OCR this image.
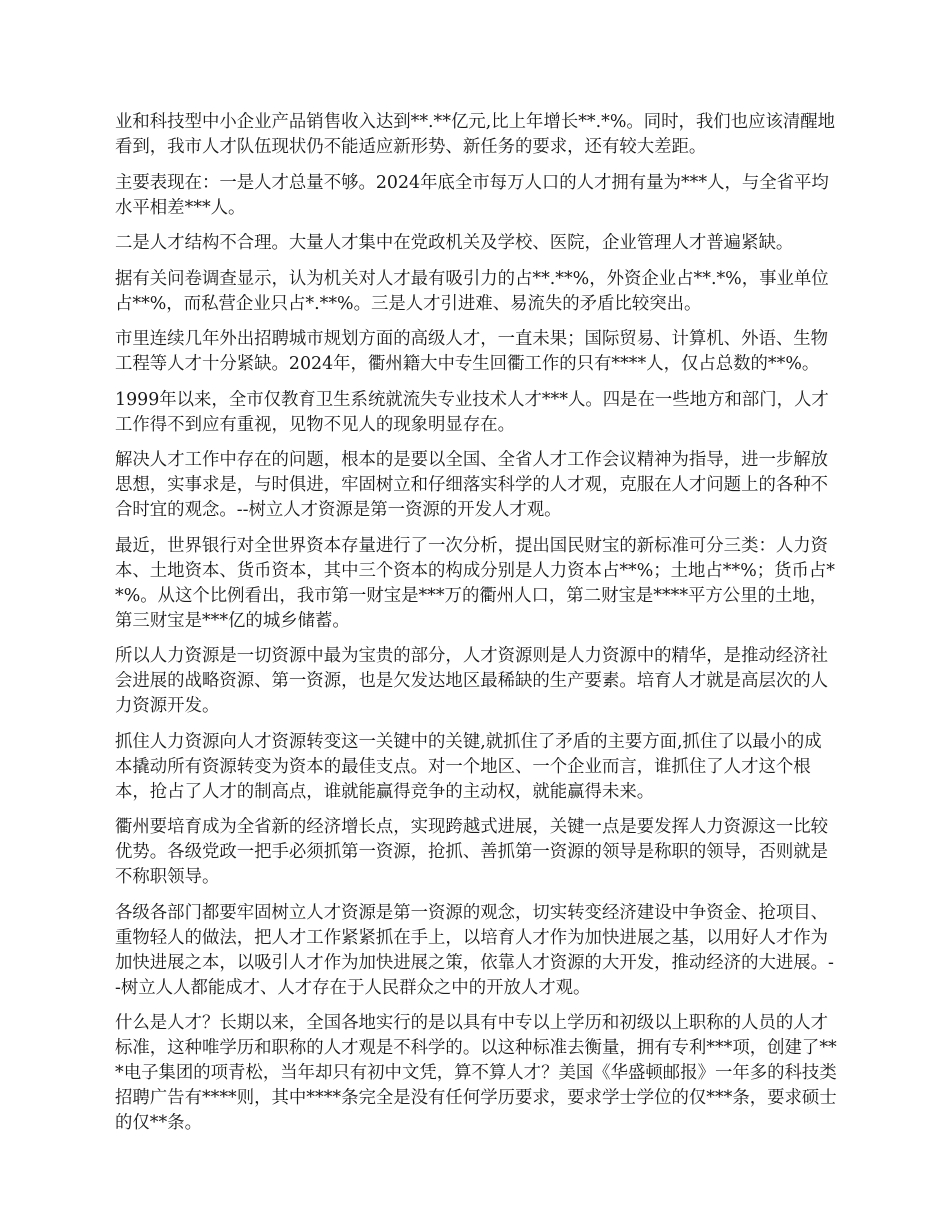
业和科技型中小企业产品销售收入达到**.**亿元,比上年增长**.*%。同时，我们也应该清醒地看到，我市人才队伍现状仍不能适应新形势、新任务的要求，还有较大差距。

主要表现在：一是人才总量不够。2024年底全市每万人口的人才拥有量为***人，与全省平均水平相差***人。

二是人才结构不合理。大量人才集中在党政机关及学校、医院，企业管理人才普遍紧缺。

据有关问卷调查显示，认为机关对人才最有吸引力的占**.**%，外资企业占**.*%，事业单位占**%，而私营企业只占*.**%。三是人才引进难、易流失的矛盾比较突出。

市里连续几年外出招聘城市规划方面的高级人才，一直未果；国际贸易、计算机、外语、生物工程等人才十分紧缺。2024年，衢州籍大中专生回衢工作的只有****人，仅占总数的**%。

1999年以来，全市仅教育卫生系统就流失专业技术人才***人。四是在一些地方和部门，人才工作得不到应有重视，见物不见人的现象明显存在。

解决人才工作中存在的问题，根本的是要以全国、全省人才工作会议精神为指导，进一步解放思想，实事求是，与时俱进，牢固树立和仔细落实科学的人才观，克服在人才问题上的各种不合时宜的观念。--树立人才资源是第一资源的开发人才观。

最近，世界银行对全世界资本存量进行了一次分析，提出国民财宝的新标准可分三类：人力资本、土地资本、货币资本，其中三个资本的构成分别是人力资本占**%；土地占**%；货币占**%。从这个比例看出，我市第一财宝是***万的衢州人口，第二财宝是****平方公里的土地，第三财宝是***亿的城乡储蓄。

所以人力资源是一切资源中最为宝贵的部分，人才资源则是人力资源中的精华，是推动经济社会进展的战略资源、第一资源，也是欠发达地区最稀缺的生产要素。培育人才就是高层次的人力资源开发。

抓住人力资源向人才资源转变这一关键中的关键,就抓住了矛盾的主要方面,抓住了以最小的成本撬动所有资源转变为资本的最佳支点。对一个地区、一个企业而言，谁抓住了人才这个根本，抢占了人才的制高点，谁就能赢得竞争的主动权，就能赢得未来。

衢州要培育成为全省新的经济增长点，实现跨越式进展，关键一点是要发挥人力资源这一比较优势。各级党政一把手必须抓第一资源，抢抓、善抓第一资源的领导是称职的领导，否则就是不称职领导。

各级各部门都要牢固树立人才资源是第一资源的观念，切实转变经济建设中争资金、抢项目、重物轻人的做法，把人才工作紧紧抓在手上，以培育人才作为加快进展之基，以用好人才作为加快进展之本，以吸引人才作为加快进展之策，依靠人才资源的大开发，推动经济的大进展。--树立人人都能成才、人才存在于人民群众之中的开放人才观。

什么是人才？长期以来，全国各地实行的是以具有中专以上学历和初级以上职称的人员的人才标准，这种唯学历和职称的人才观是不科学的。以这种标准去衡量，拥有专利***项，创建了***电子集团的项青松，当年却只有初中文凭，算不算人才？美国《华盛顿邮报》一年多的科技类招聘广告有****则，其中****条完全是没有任何学历要求，要求学士学位的仅***条，要求硕士的仅**条。
